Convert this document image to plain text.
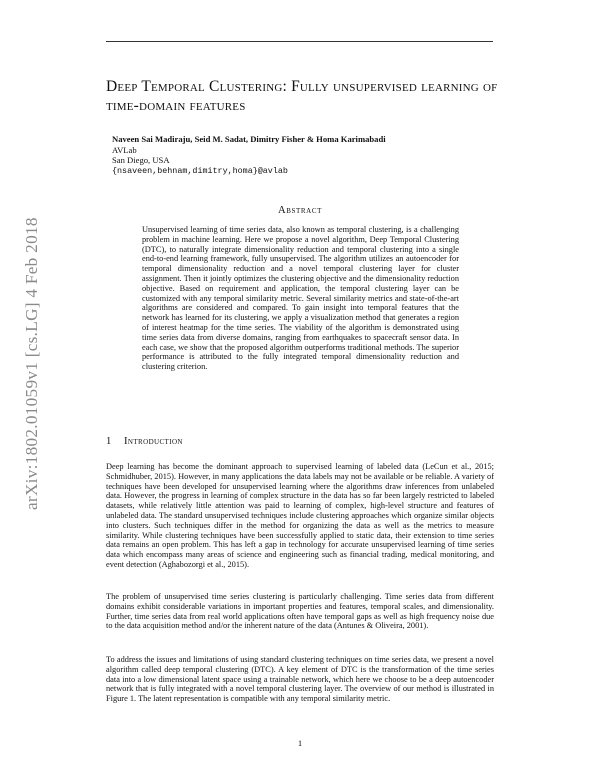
arXiv:1802.01059v1 [cs.LG] 4 Feb 2018
Deep Temporal Clustering: Fully unsupervised learning of time-domain features
Naveen Sai Madiraju, Seid M. Sadat, Dimitry Fisher & Homa Karimabadi
AVLab
San Diego, USA
{nsaveen,behnam,dimitry,homa}@avlab
Abstract

Unsupervised learning of time series data, also known as temporal clustering, is a challenging problem in machine learning. Here we propose a novel algorithm, Deep Temporal Clustering (DTC), to naturally integrate dimensionality reduction and temporal clustering into a single end-to-end learning framework, fully unsupervised. The algorithm utilizes an autoencoder for temporal dimensionality reduction and a novel temporal clustering layer for cluster assignment. Then it jointly optimizes the clustering objective and the dimensionality reduction objective. Based on requirement and application, the temporal clustering layer can be customized with any temporal similarity metric. Several similarity metrics and state-of-the-art algorithms are considered and compared. To gain insight into temporal features that the network has learned for its clustering, we apply a visualization method that generates a region of interest heatmap for the time series. The viability of the algorithm is demonstrated using time series data from diverse domains, ranging from earthquakes to spacecraft sensor data. In each case, we show that the proposed algorithm outperforms traditional methods. The superior performance is attributed to the fully integrated temporal dimensionality reduction and clustering criterion.

1 Introduction

Deep learning has become the dominant approach to supervised learning of labeled data (LeCun et al., 2015; Schmidhuber, 2015). However, in many applications the data labels may not be available or be reliable. A variety of techniques have been developed for unsupervised learning where the algorithms draw inferences from unlabeled data. However, the progress in learning of complex structure in the data has so far been largely restricted to labeled datasets, while relatively little attention was paid to learning of complex, high-level structure and features of unlabeled data. The standard unsupervised techniques include clustering approaches which organize similar objects into clusters. Such techniques differ in the method for organizing the data as well as the metrics to measure similarity. While clustering techniques have been successfully applied to static data, their extension to time series data remains an open problem. This has left a gap in technology for accurate unsupervised learning of time series data which encompass many areas of science and engineering such as financial trading, medical monitoring, and event detection (Aghabozorgi et al., 2015).

The problem of unsupervised time series clustering is particularly challenging. Time series data from different domains exhibit considerable variations in important properties and features, temporal scales, and dimensionality. Further, time series data from real world applications often have temporal gaps as well as high frequency noise due to the data acquisition method and/or the inherent nature of the data (Antunes & Oliveira, 2001).

To address the issues and limitations of using standard clustering techniques on time series data, we present a novel algorithm called deep temporal clustering (DTC). A key element of DTC is the transformation of the time series data into a low dimensional latent space using a trainable network, which here we choose to be a deep autoencoder network that is fully integrated with a novel temporal clustering layer. The overview of our method is illustrated in Figure 1. The latent representation is compatible with any temporal similarity metric.

1
